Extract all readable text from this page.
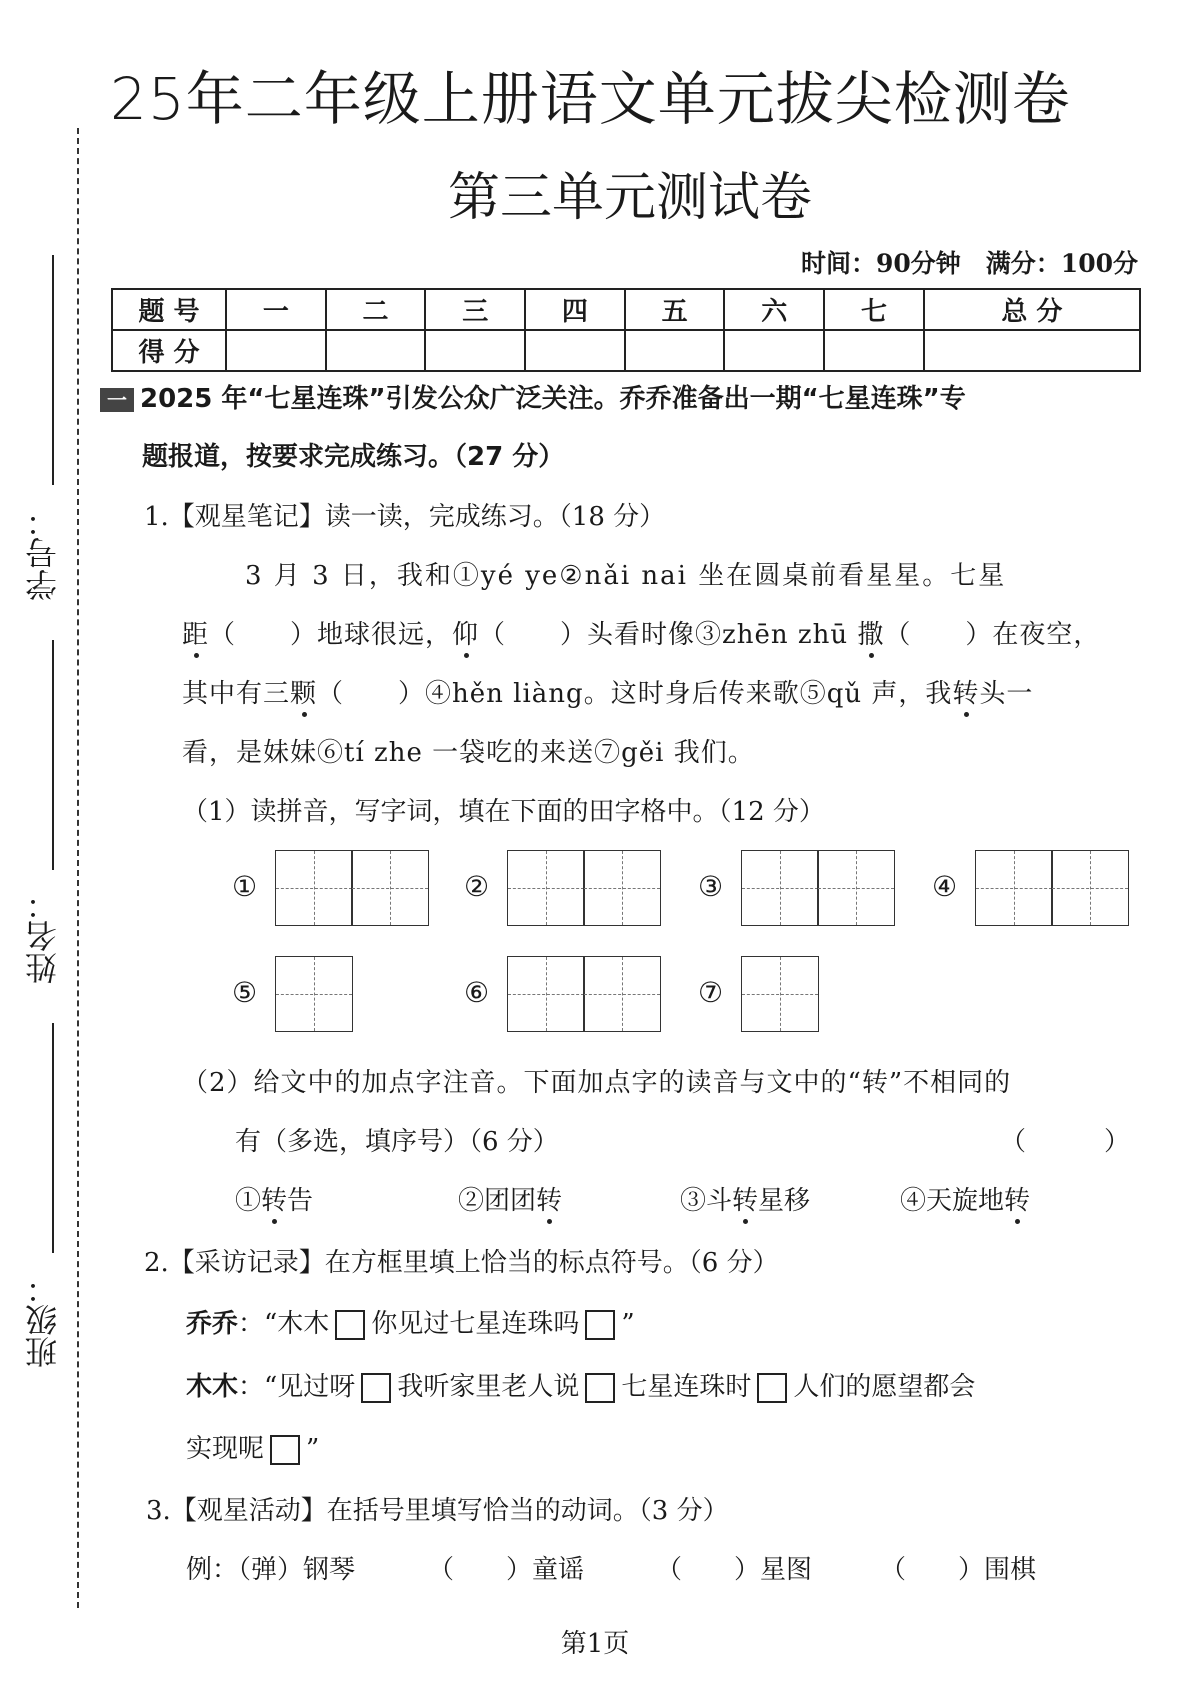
学号：
姓名：
班级：
25年二年级上册语文单元拔尖检测卷
第三单元测试卷
时间：90分钟　满分：100分
题 号	一	二	三	四	五	六	七	总 分
得 分								
一 2025 年“七星连珠”引发公众广泛关注。乔乔准备出一期“七星连珠”专
题报道，按要求完成练习。（27 分）
1.【观星笔记】读一读，完成练习。（18 分）
3 月 3 日，我和①yé ye②nǎi nai 坐在圆桌前看星星。七星
距（　　）地球很远，仰（　　）头看时像③zhēn zhū 撒（　　）在夜空，
其中有三颗（　　）④hěn liàng。这时身后传来歌⑤qǔ 声，我转头一
看，是妹妹⑥tí zhe 一袋吃的来送⑦gěi 我们。
（1）读拼音，写字词，填在下面的田字格中。（12 分）
①	②	③	④
⑤	⑥	⑦
（2）给文中的加点字注音。下面加点字的读音与文中的“转”不相同的
有（多选，填序号）（6 分）	（　　　）
①转告	②团团转	③斗转星移	④天旋地转
2.【采访记录】在方框里填上恰当的标点符号。（6 分）
乔乔：“木木 你见过七星连珠吗 ”
木木：“见过呀 我听家里老人说 七星连珠时 人们的愿望都会
实现呢 ”
3.【观星活动】在括号里填写恰当的动词。（3 分）
例：（弹）钢琴	（　　）童谣	（　　）星图	（　　）围棋
第1页
